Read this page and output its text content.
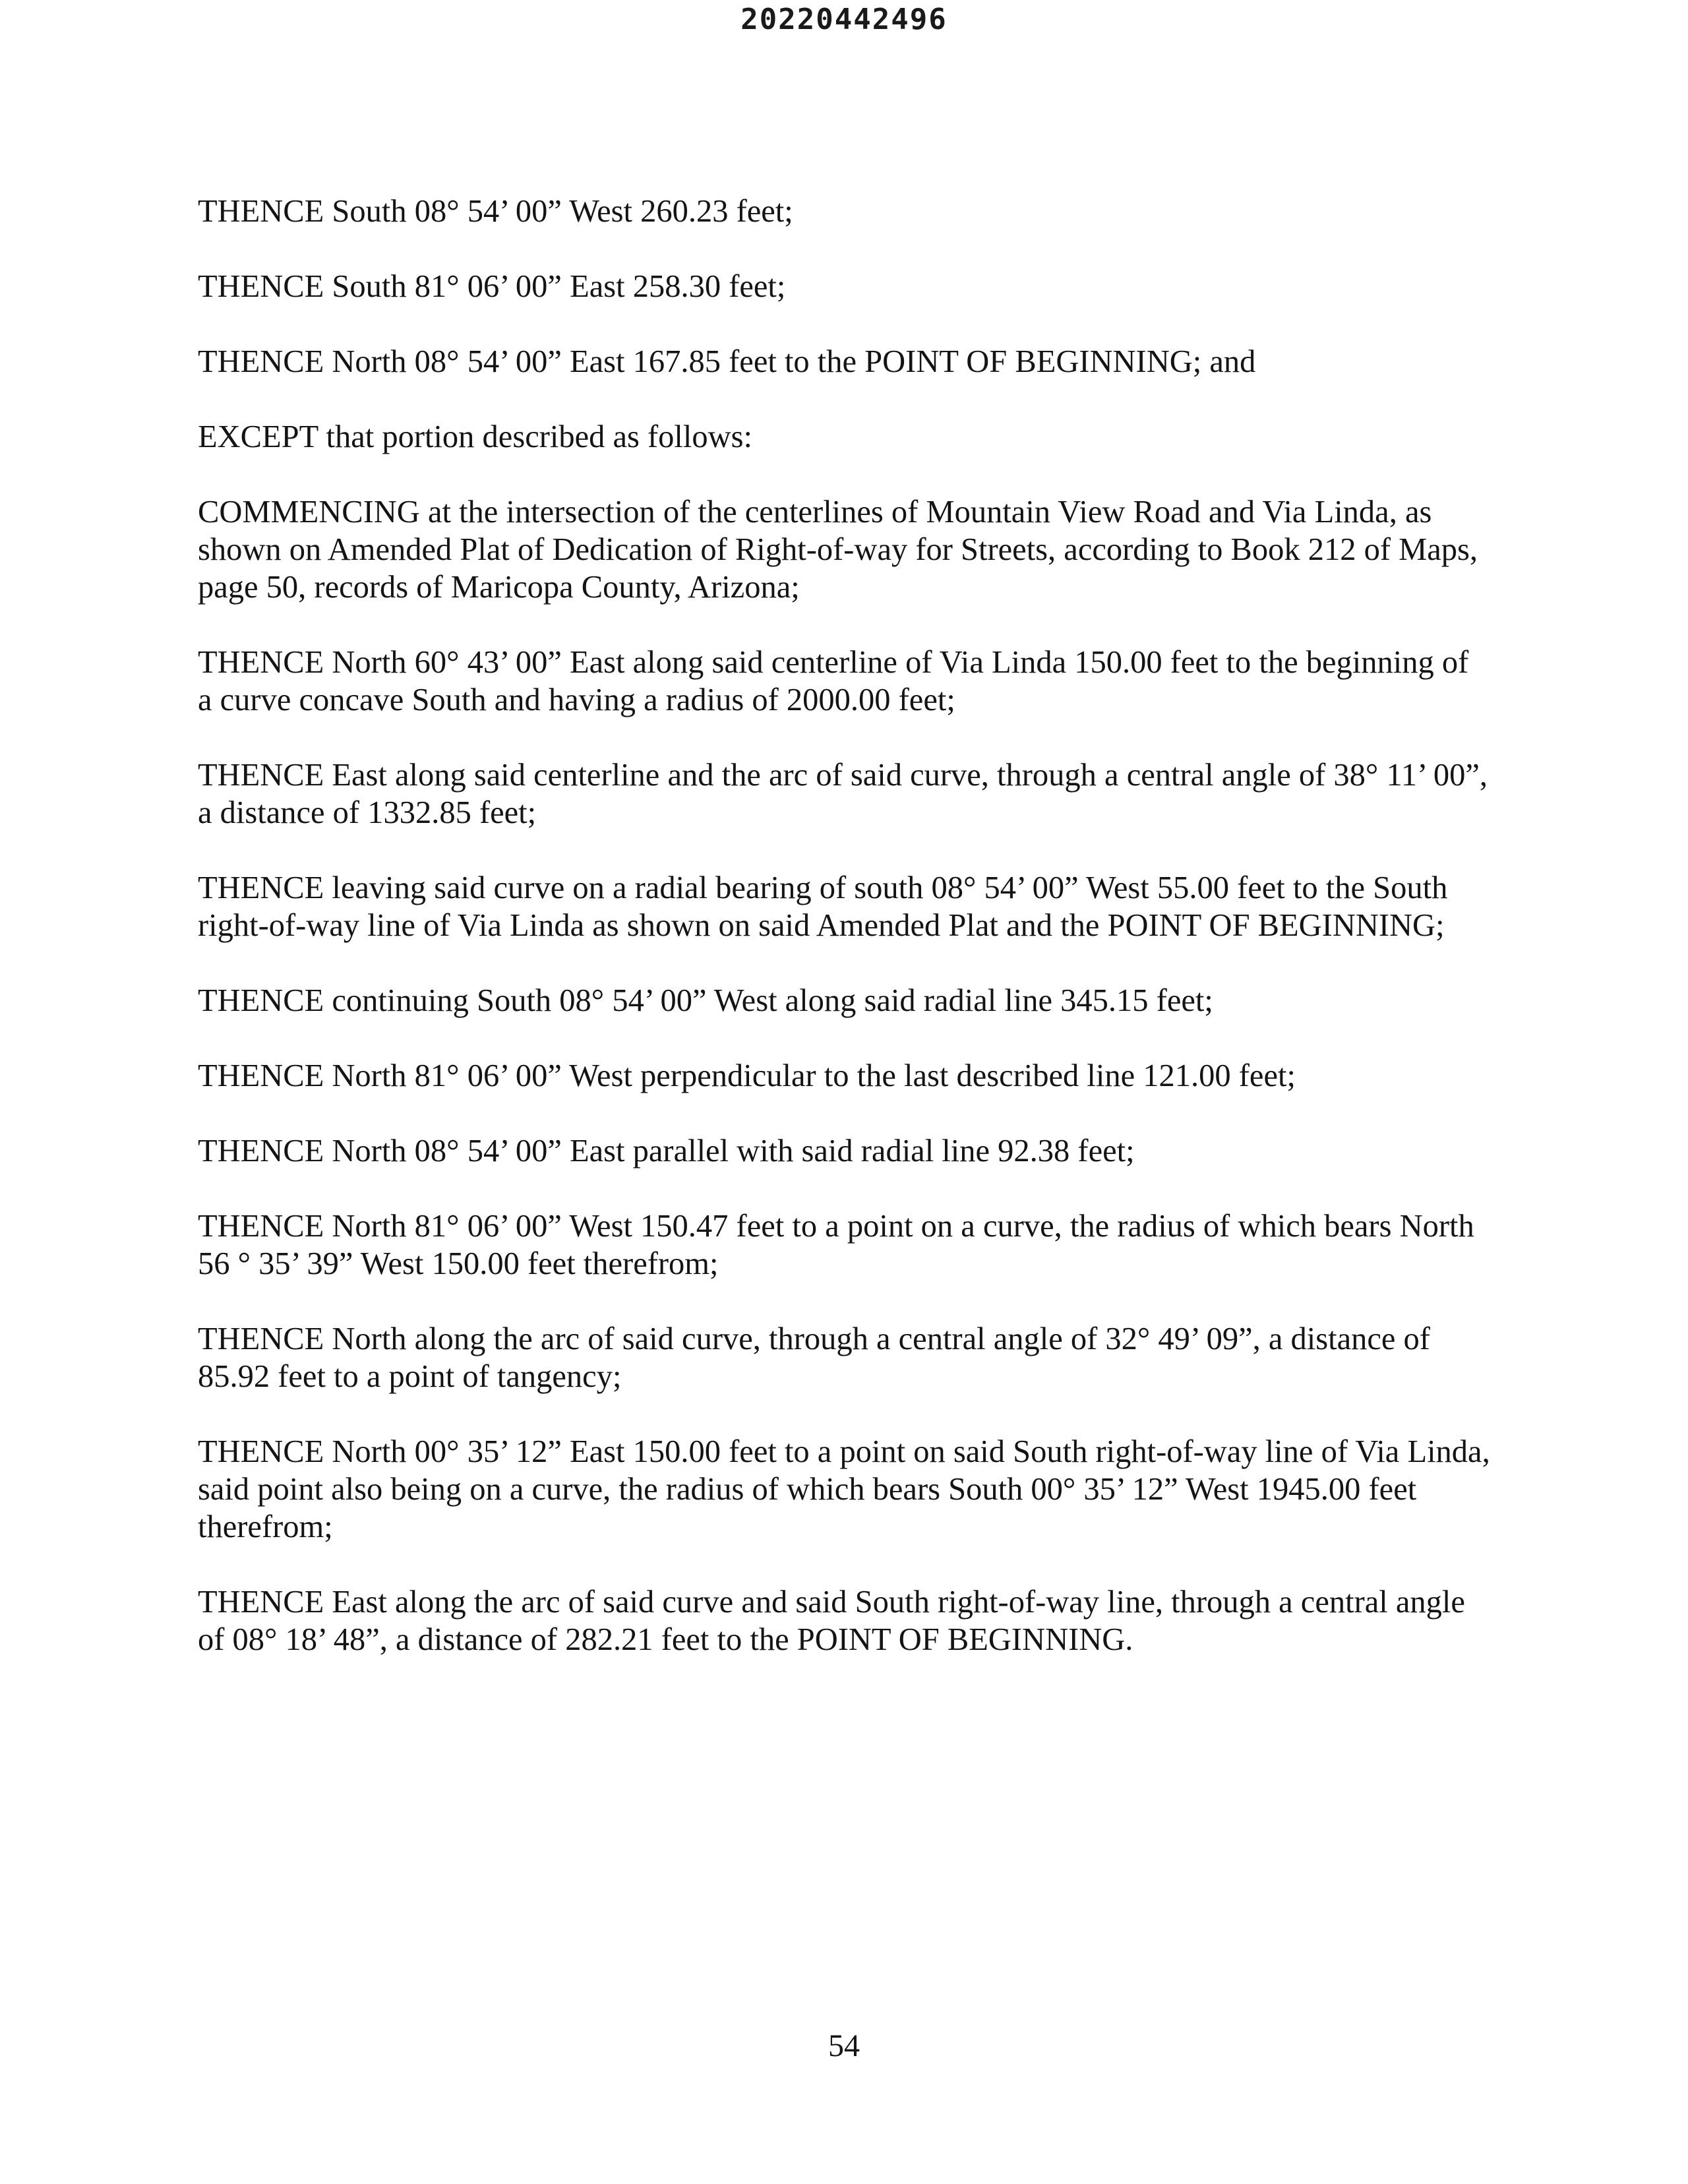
20220442496

THENCE South 08° 54’ 00” West 260.23 feet;

THENCE South 81° 06’ 00” East 258.30 feet;

THENCE North 08° 54’ 00” East 167.85 feet to the POINT OF BEGINNING; and

EXCEPT that portion described as follows:

COMMENCING at the intersection of the centerlines of Mountain View Road and Via Linda, as shown on Amended Plat of Dedication of Right-of-way for Streets, according to Book 212 of Maps, page 50, records of Maricopa County, Arizona;

THENCE North 60° 43’ 00” East along said centerline of Via Linda 150.00 feet to the beginning of a curve concave South and having a radius of 2000.00 feet;

THENCE East along said centerline and the arc of said curve, through a central angle of 38° 11’ 00”, a distance of 1332.85 feet;

THENCE leaving said curve on a radial bearing of south 08° 54’ 00” West 55.00 feet to the South right-of-way line of Via Linda as shown on said Amended Plat and the POINT OF BEGINNING;

THENCE continuing South 08° 54’ 00” West along said radial line 345.15 feet;

THENCE North 81° 06’ 00” West perpendicular to the last described line 121.00 feet;

THENCE North 08° 54’ 00” East parallel with said radial line 92.38 feet;

THENCE North 81° 06’ 00” West 150.47 feet to a point on a curve, the radius of which bears North 56 ° 35’ 39” West 150.00 feet therefrom;

THENCE North along the arc of said curve, through a central angle of 32° 49’ 09”, a distance of 85.92 feet to a point of tangency;

THENCE North 00° 35’ 12” East 150.00 feet to a point on said South right-of-way line of Via Linda, said point also being on a curve, the radius of which bears South 00° 35’ 12” West 1945.00 feet therefrom;

THENCE East along the arc of said curve and said South right-of-way line, through a central angle of 08° 18’ 48”, a distance of 282.21 feet to the POINT OF BEGINNING.

54
